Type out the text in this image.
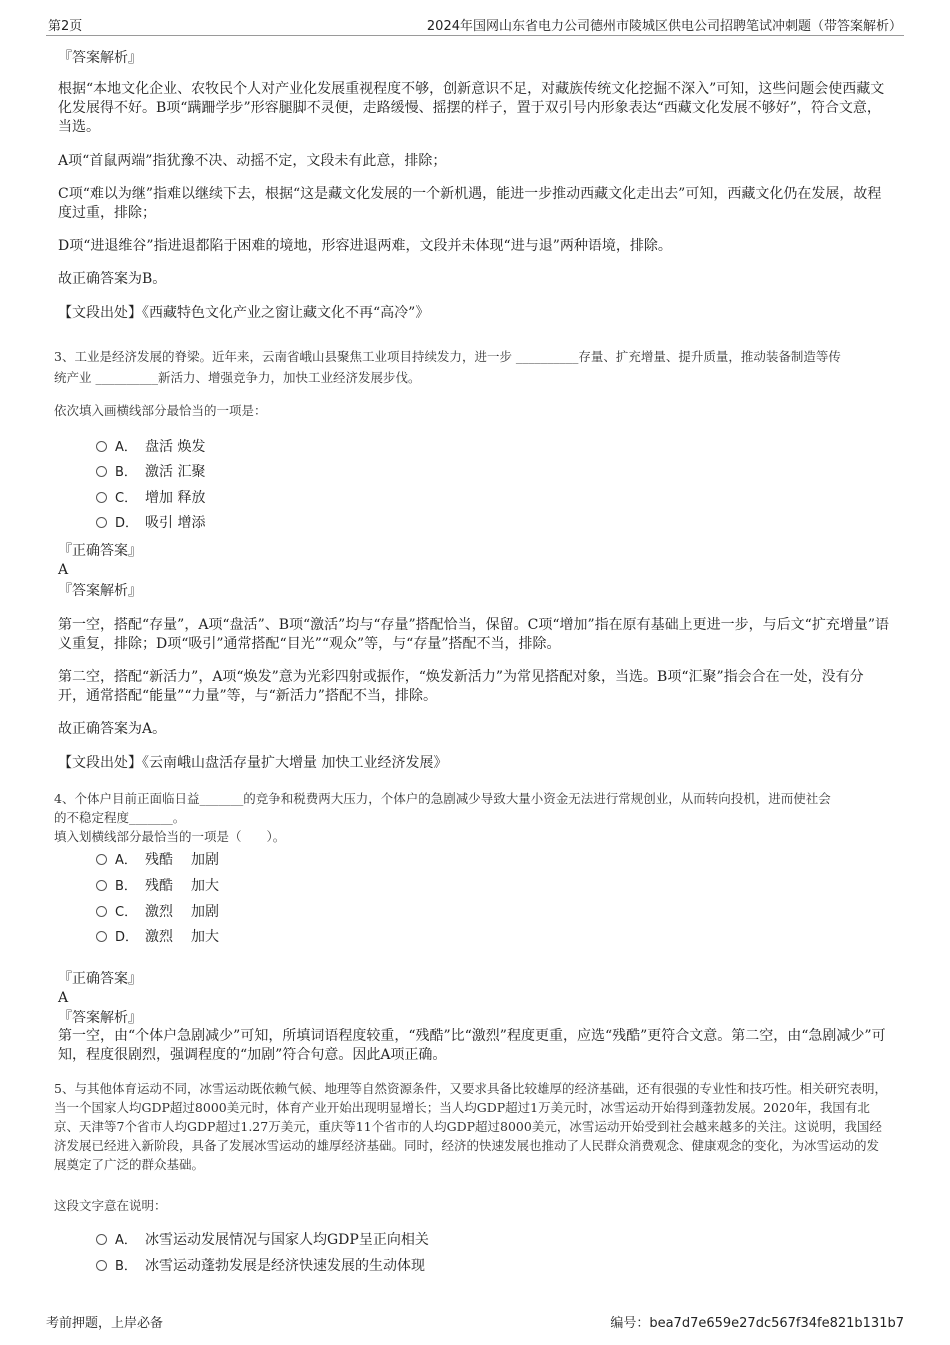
第2页	2024年国网山东省电力公司德州市陵城区供电公司招聘笔试冲刺题（带答案解析）
『答案解析』
根据“本地文化企业、农牧民个人对产业化发展重视程度不够，创新意识不足，对藏族传统文化挖掘不深入”可知，这些问题会使西藏文化发展得不好。B项“蹒跚学步”形容腿脚不灵便，走路缓慢、摇摆的样子，置于双引号内形象表达“西藏文化发展不够好”，符合文意，当选。
A项“首鼠两端”指犹豫不决、动摇不定，文段未有此意，排除；
C项“难以为继”指难以继续下去，根据“这是藏文化发展的一个新机遇，能进一步推动西藏文化走出去”可知，西藏文化仍在发展，故程度过重，排除；
D项“进退维谷”指进退都陷于困难的境地，形容进退两难，文段并未体现“进与退”两种语境，排除。
故正确答案为B。
【文段出处】《西藏特色文化产业之窗让藏文化不再“高冷”》
3、工业是经济发展的脊梁。近年来，云南省峨山县聚焦工业项目持续发力，进一步 __________存量、扩充增量、提升质量，推动装备制造等传
统产业 __________新活力、增强竞争力，加快工业经济发展步伐。
依次填入画横线部分最恰当的一项是：
A． 盘活 焕发
B． 激活 汇聚
C． 增加 释放
D． 吸引 增添
『正确答案』
A
『答案解析』
第一空，搭配“存量”，A项“盘活”、B项“激活”均与“存量”搭配恰当，保留。C项“增加”指在原有基础上更进一步，与后文“扩充增量”语义重复，排除；D项“吸引”通常搭配“目光”“观众”等，与“存量”搭配不当，排除。
第二空，搭配“新活力”，A项“焕发”意为光彩四射或振作，“焕发新活力”为常见搭配对象，当选。B项“汇聚”指会合在一处，没有分开，通常搭配“能量”“力量”等，与“新活力”搭配不当，排除。
故正确答案为A。
【文段出处】《云南峨山盘活存量扩大增量 加快工业经济发展》
4、个体户目前正面临日益_______的竞争和税费两大压力，个体户的急剧减少导致大量小资金无法进行常规创业，从而转向投机，进而使社会
的不稳定程度_______。
填入划横线部分最恰当的一项是（　　）。
A． 残酷 加剧
B． 残酷 加大
C． 激烈 加剧
D． 激烈 加大
『正确答案』
A
『答案解析』
第一空，由“个体户急剧减少”可知，所填词语程度较重，“残酷”比“激烈”程度更重，应选“残酷”更符合文意。第二空，由“急剧减少”可知，程度很剧烈，强调程度的“加剧”符合句意。因此A项正确。
5、与其他体育运动不同，冰雪运动既依赖气候、地理等自然资源条件，又要求具备比较雄厚的经济基础，还有很强的专业性和技巧性。相关研究表明，当一个国家人均GDP超过8000美元时，体育产业开始出现明显增长；当人均GDP超过1万美元时，冰雪运动开始得到蓬勃发展。2020年，我国有北京、天津等7个省市人均GDP超过1.27万美元，重庆等11个省市的人均GDP超过8000美元，冰雪运动开始受到社会越来越多的关注。这说明，我国经济发展已经进入新阶段，具备了发展冰雪运动的雄厚经济基础。同时，经济的快速发展也推动了人民群众消费观念、健康观念的变化，为冰雪运动的发展奠定了广泛的群众基础。
这段文字意在说明：
A． 冰雪运动发展情况与国家人均GDP呈正向相关
B． 冰雪运动蓬勃发展是经济快速发展的生动体现
考前押题，上岸必备	编号：bea7d7e659e27dc567f34fe821b131b7
